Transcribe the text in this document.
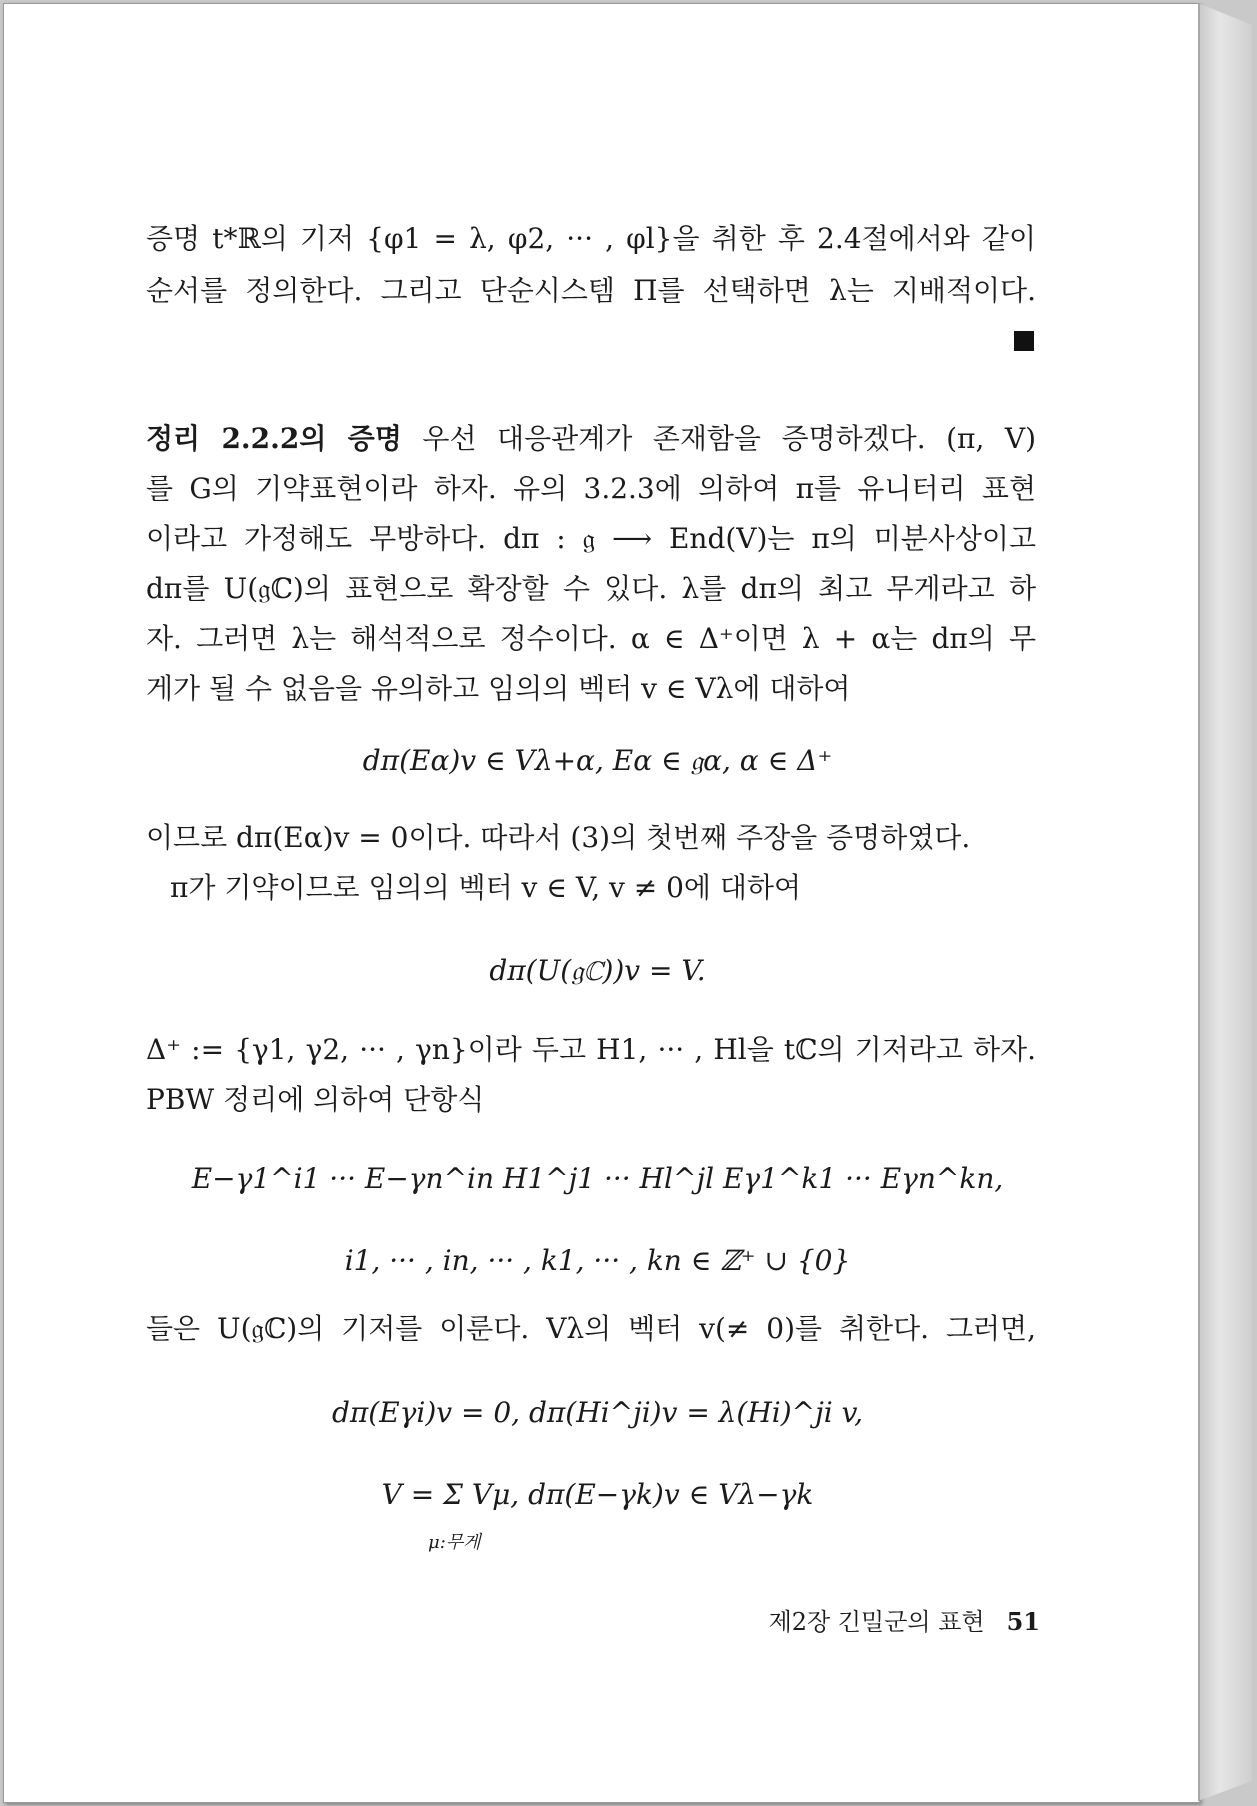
증명 t*ℝ의 기저 {φ1 = λ, φ2, ··· , φl}을 취한 후 2.4절에서와 같이
순서를 정의한다. 그리고 단순시스템 Π를 선택하면 λ는 지배적이다.
정리 2.2.2의 증명 우선 대응관계가 존재함을 증명하겠다. (π, V)
를 G의 기약표현이라 하자. 유의 3.2.3에 의하여 π를 유니터리 표현
이라고 가정해도 무방하다. dπ : 𝔤 ⟶ End(V)는 π의 미분사상이고
dπ를 U(𝔤ℂ)의 표현으로 확장할 수 있다. λ를 dπ의 최고 무게라고 하
자. 그러면 λ는 해석적으로 정수이다. α ∈ Δ⁺이면 λ + α는 dπ의 무
게가 될 수 없음을 유의하고 임의의 벡터 v ∈ Vλ에 대하여
dπ(Eα)v ∈ Vλ+α, Eα ∈ 𝔤α, α ∈ Δ⁺
이므로 dπ(Eα)v = 0이다. 따라서 (3)의 첫번째 주장을 증명하였다.
π가 기약이므로 임의의 벡터 v ∈ V, v ≠ 0에 대하여
dπ(U(𝔤ℂ))v = V.
Δ⁺ := {γ1, γ2, ··· , γn}이라 두고 H1, ··· , Hl을 tℂ의 기저라고 하자.
PBW 정리에 의하여 단항식
E−γ1^i1 ··· E−γn^in H1^j1 ··· Hl^jl Eγ1^k1 ··· Eγn^kn,
i1, ··· , in, ··· , k1, ··· , kn ∈ ℤ⁺ ∪ {0}
들은 U(𝔤ℂ)의 기저를 이룬다. Vλ의 벡터 v(≠ 0)를 취한다. 그러면,
dπ(Eγi)v = 0, dπ(Hi^ji)v = λ(Hi)^ji v,
V = Σ Vμ, dπ(E−γk)v ∈ Vλ−γk
μ:무게
제2장 긴밀군의 표현 51
